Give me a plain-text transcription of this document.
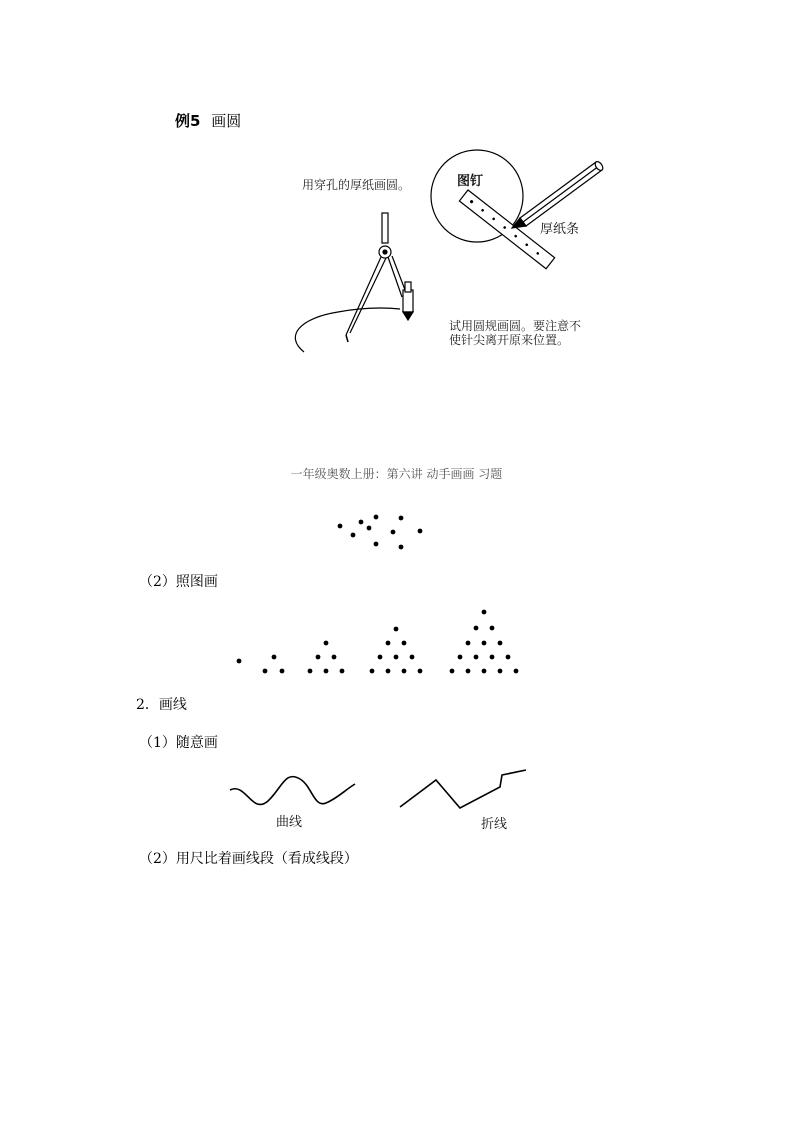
例5 画圆
用穿孔的厚纸画圆。	图钉
厚纸条
试用圆规画圆。要注意不
使针尖离开原来位置。
一年级奥数上册：第六讲 动手画画 习题
（2）照图画
2．画线
（1）随意画
曲线	折线
（2）用尺比着画线段（看成线段）
